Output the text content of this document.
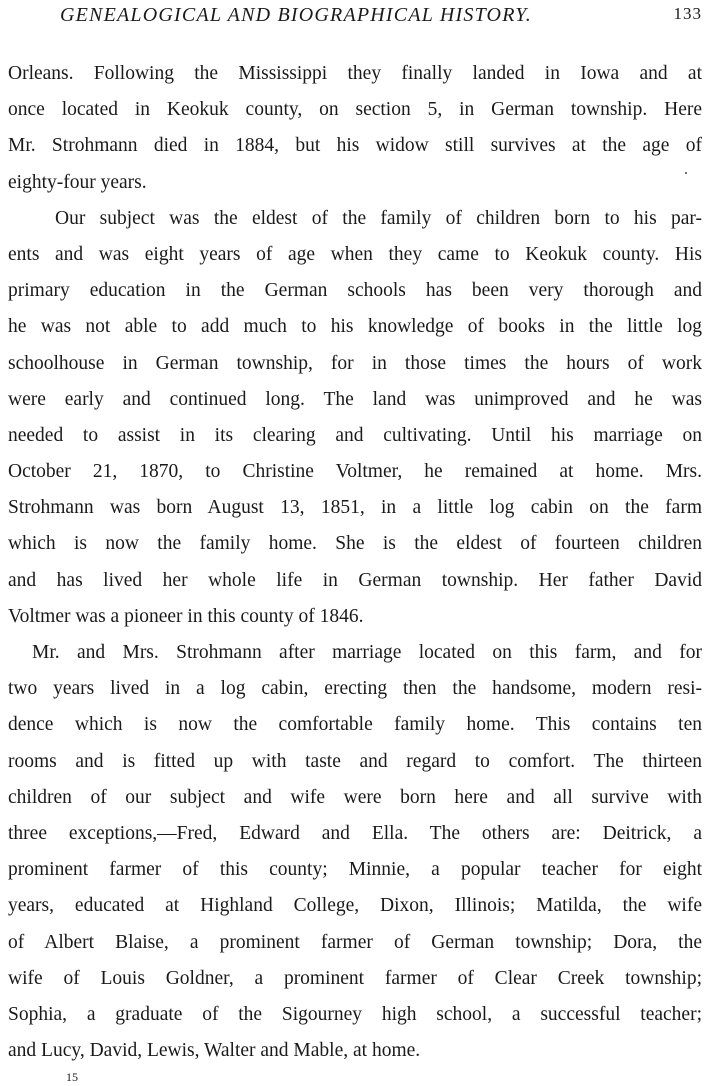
GENEALOGICAL AND BIOGRAPHICAL HISTORY.	133
Orleans. Following the Mississippi they finally landed in Iowa and at
once located in Keokuk county, on section 5, in German township. Here
Mr. Strohmann died in 1884, but his widow still survives at the age of
eighty-four years.
Our subject was the eldest of the family of children born to his par-
ents and was eight years of age when they came to Keokuk county. His
primary education in the German schools has been very thorough and
he was not able to add much to his knowledge of books in the little log
schoolhouse in German township, for in those times the hours of work
were early and continued long. The land was unimproved and he was
needed to assist in its clearing and cultivating. Until his marriage on
October 21, 1870, to Christine Voltmer, he remained at home. Mrs.
Strohmann was born August 13, 1851, in a little log cabin on the farm
which is now the family home. She is the eldest of fourteen children
and has lived her whole life in German township. Her father David
Voltmer was a pioneer in this county of 1846.
Mr. and Mrs. Strohmann after marriage located on this farm, and for
two years lived in a log cabin, erecting then the handsome, modern resi-
dence which is now the comfortable family home. This contains ten
rooms and is fitted up with taste and regard to comfort. The thirteen
children of our subject and wife were born here and all survive with
three exceptions,—Fred, Edward and Ella. The others are: Deitrick, a
prominent farmer of this county; Minnie, a popular teacher for eight
years, educated at Highland College, Dixon, Illinois; Matilda, the wife
of Albert Blaise, a prominent farmer of German township; Dora, the
wife of Louis Goldner, a prominent farmer of Clear Creek township;
Sophia, a graduate of the Sigourney high school, a successful teacher;
and Lucy, David, Lewis, Walter and Mable, at home.
15
